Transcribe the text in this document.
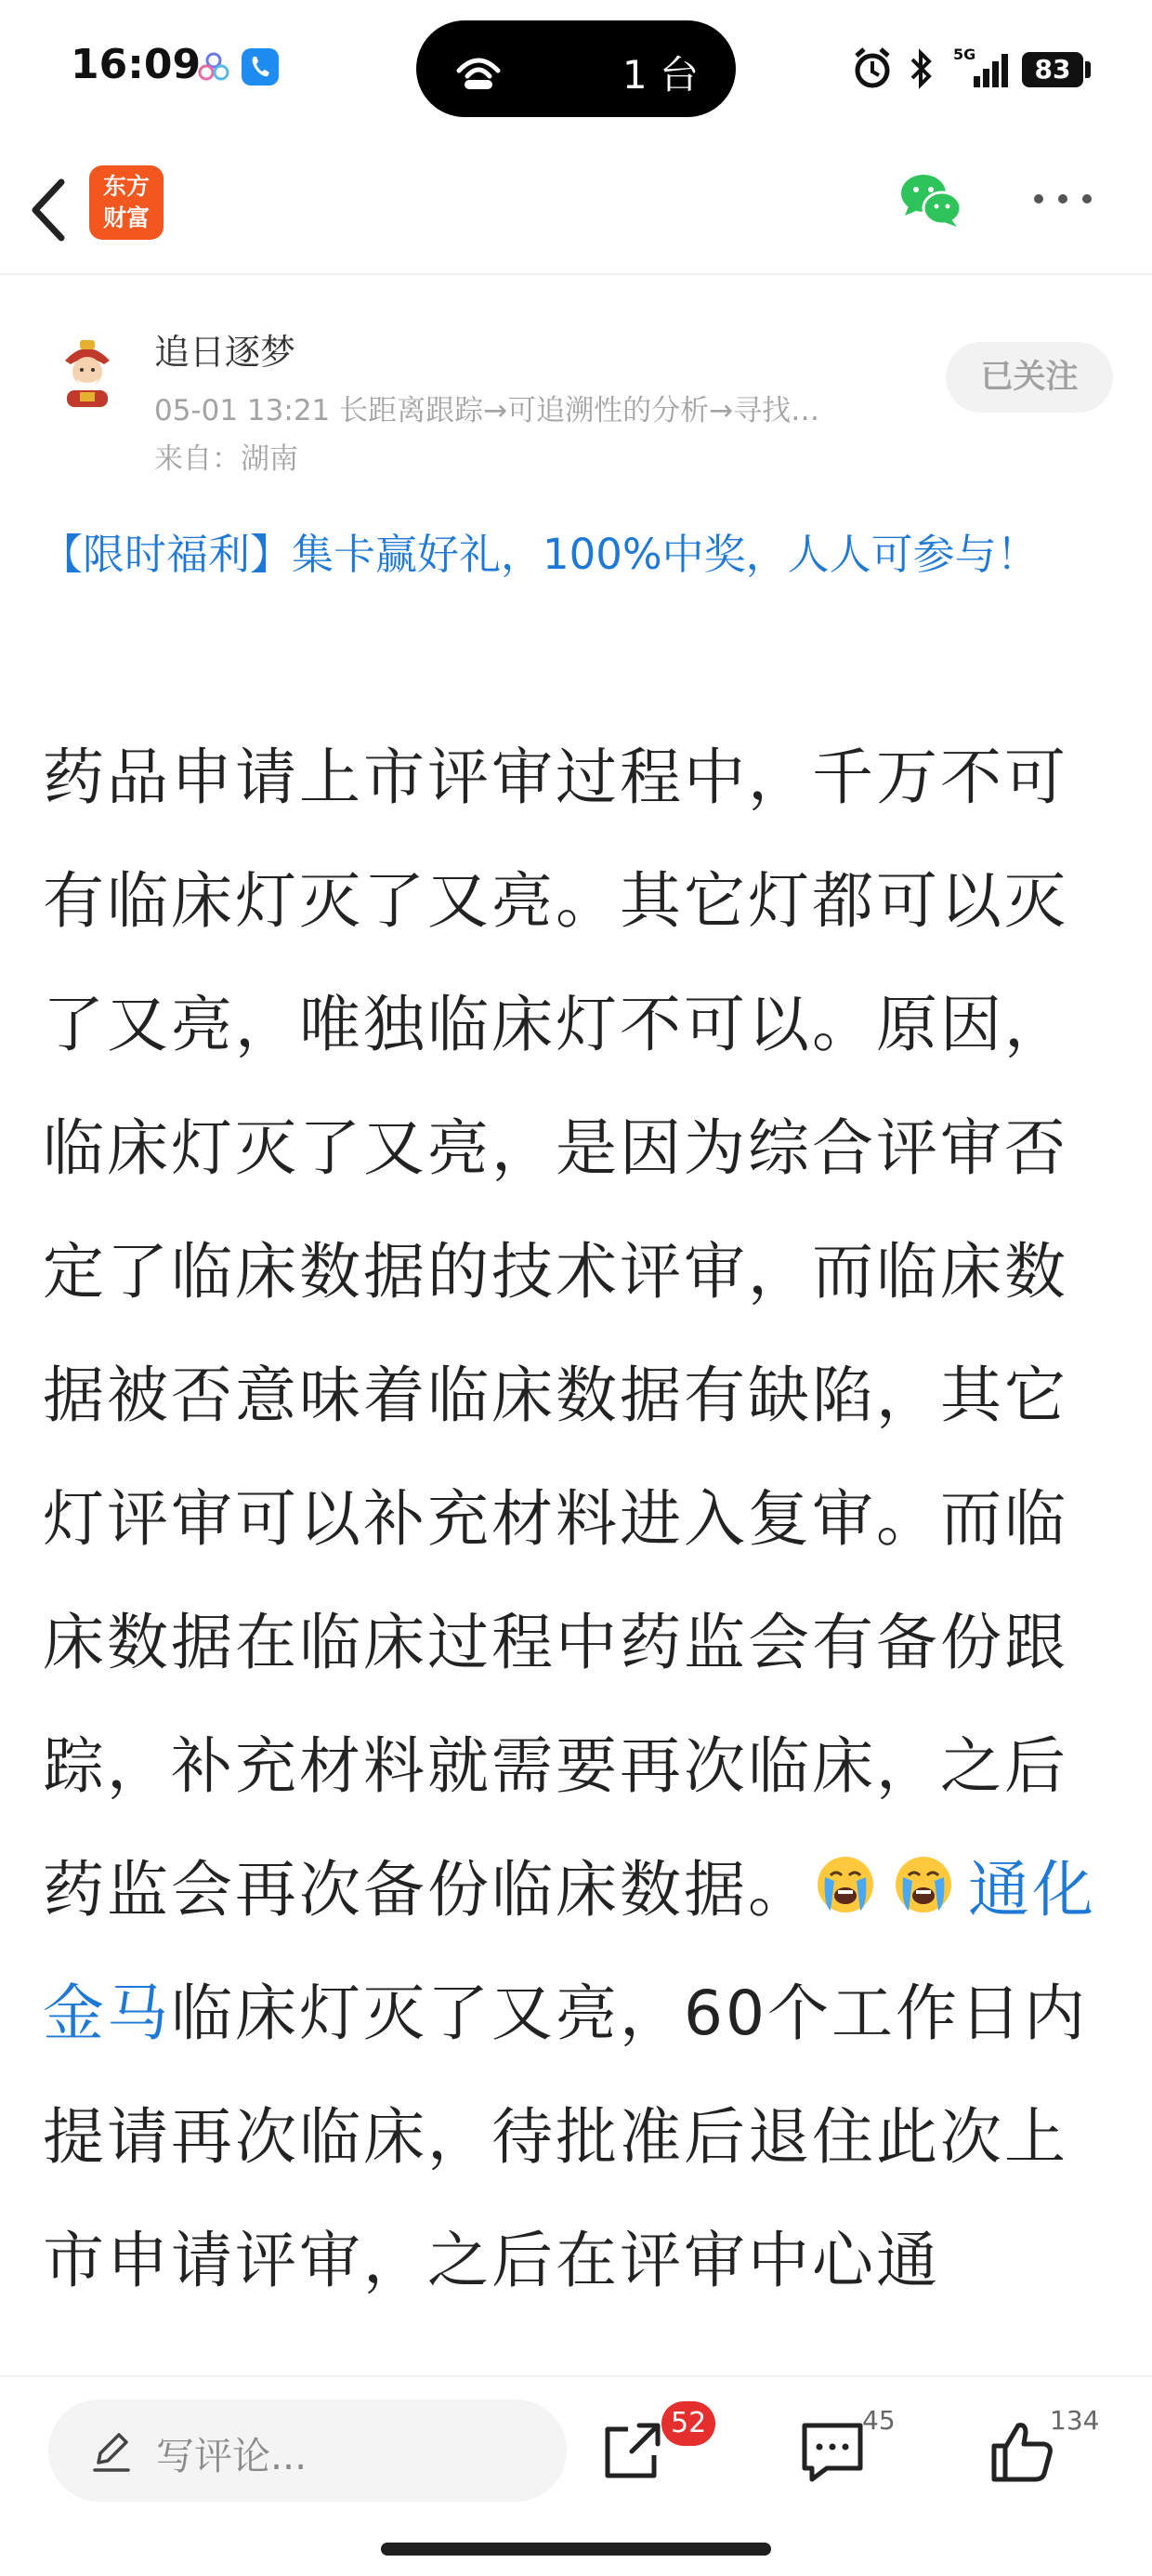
16:09	1 台	5G	83
东方
财富
追日逐梦
05-01 13:21 长距离跟踪→可追溯性的分析→寻找…
来自：湖南
已关注
【限时福利】集卡赢好礼，100%中奖，人人可参与！
药品申请上市评审过程中，千万不可有临床灯灭了又亮。其它灯都可以灭了又亮，唯独临床灯不可以。原因，临床灯灭了又亮，是因为综合评审否定了临床数据的技术评审，而临床数据被否意味着临床数据有缺陷，其它灯评审可以补充材料进入复审。而临床数据在临床过程中药监会有备份跟踪，补充材料就需要再次临床，之后药监会再次备份临床数据。	通化金马临床灯灭了又亮，60个工作日内提请再次临床，待批准后退住此次上市申请评审，之后在评审中心通
写评论...
52	45	134
